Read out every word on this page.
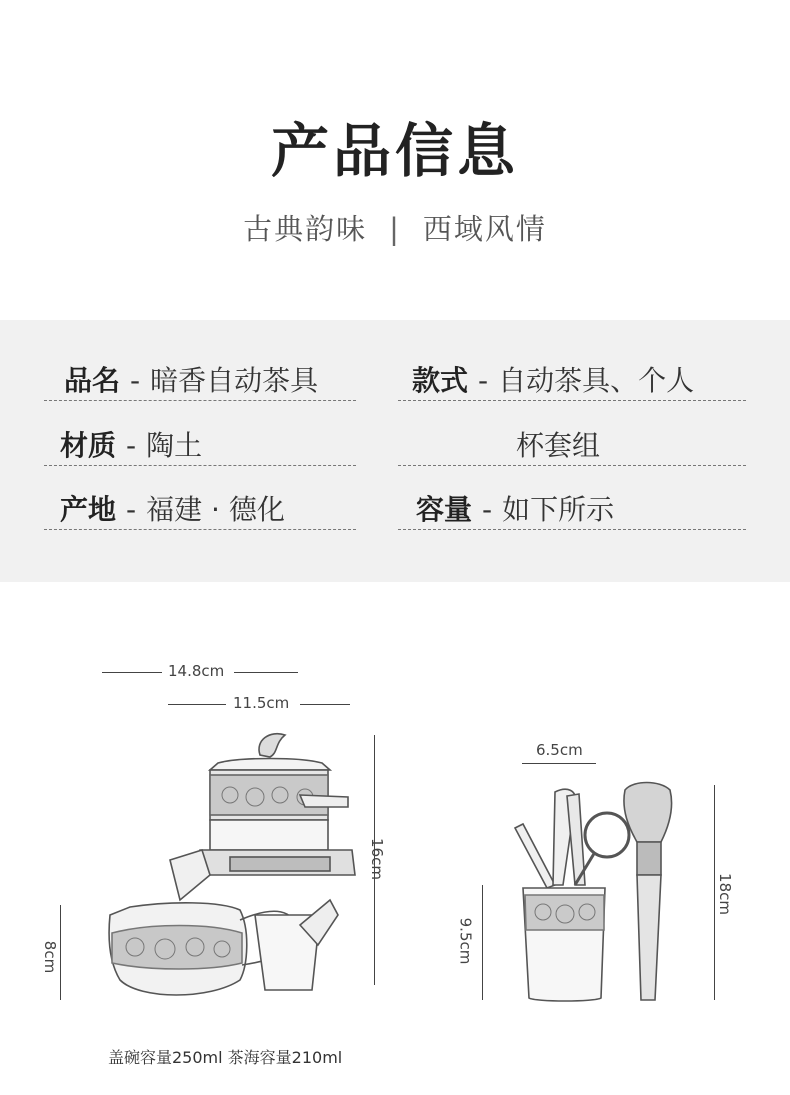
产品信息
古典韵味 | 西域风情
品名 - 暗香自动茶具
材质 - 陶土
产地 - 福建 · 德化
款式 - 自动茶具、个人
杯套组
容量 - 如下所示
14.8cm
11.5cm
16cm
8cm
6.5cm
9.5cm
18cm
盖碗容量250ml 茶海容量210ml
